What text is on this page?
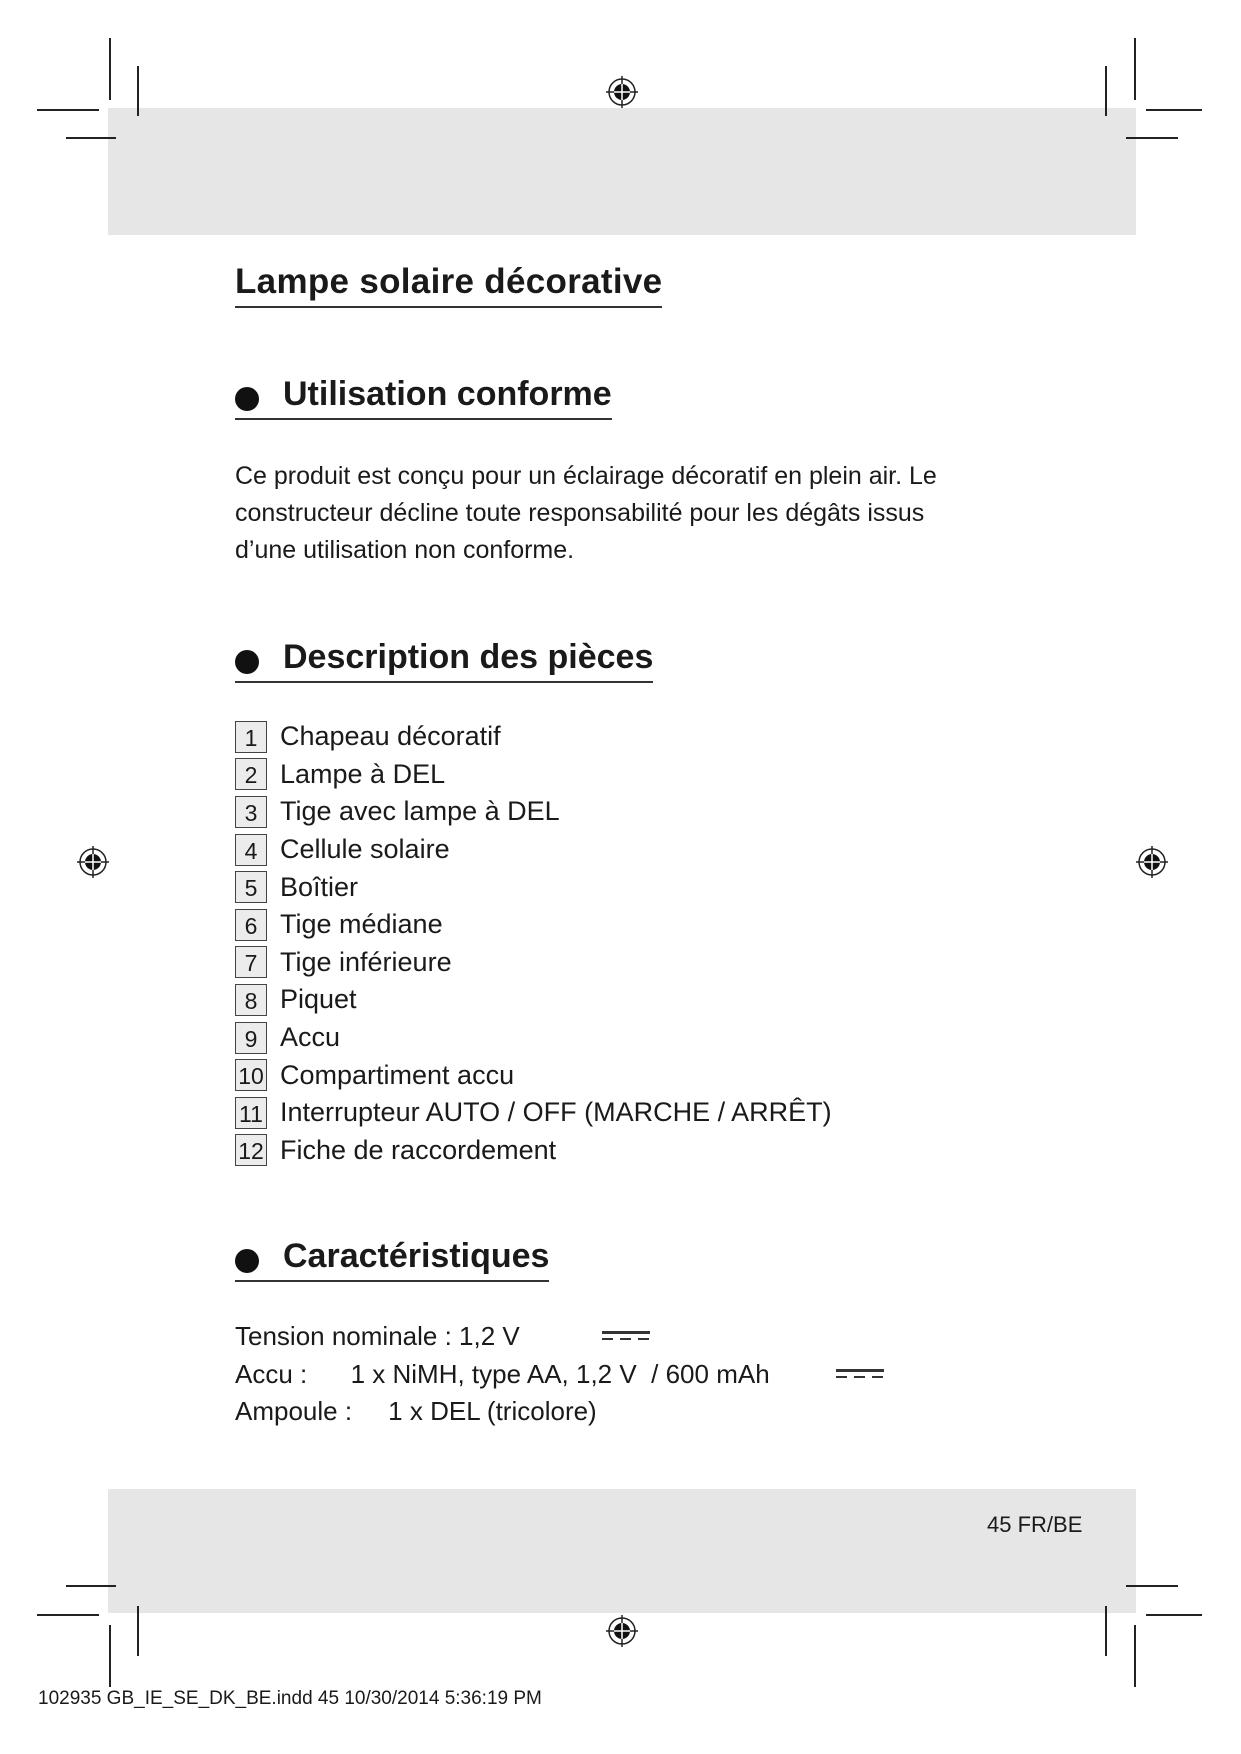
Lampe solaire décorative
Utilisation conforme
Ce produit est conçu pour un éclairage décoratif en plein air. Le
constructeur décline toute responsabilité pour les dégâts issus
d’une utilisation non conforme.
Description des pièces
1 Chapeau décoratif
2 Lampe à DEL
3 Tige avec lampe à DEL
4 Cellule solaire
5 Boîtier
6 Tige médiane
7 Tige inférieure
8 Piquet
9 Accu
10 Compartiment accu
11 Interrupteur AUTO / OFF (MARCHE / ARRÊT)
12 Fiche de raccordement
Caractéristiques
Tension nominale : 1,2 V
Accu :      1 x NiMH, type AA, 1,2 V  / 600 mAh
Ampoule :     1 x DEL (tricolore)
45 FR/BE
102935 GB_IE_SE_DK_BE.indd 45 10/30/2014 5:36:19 PM
